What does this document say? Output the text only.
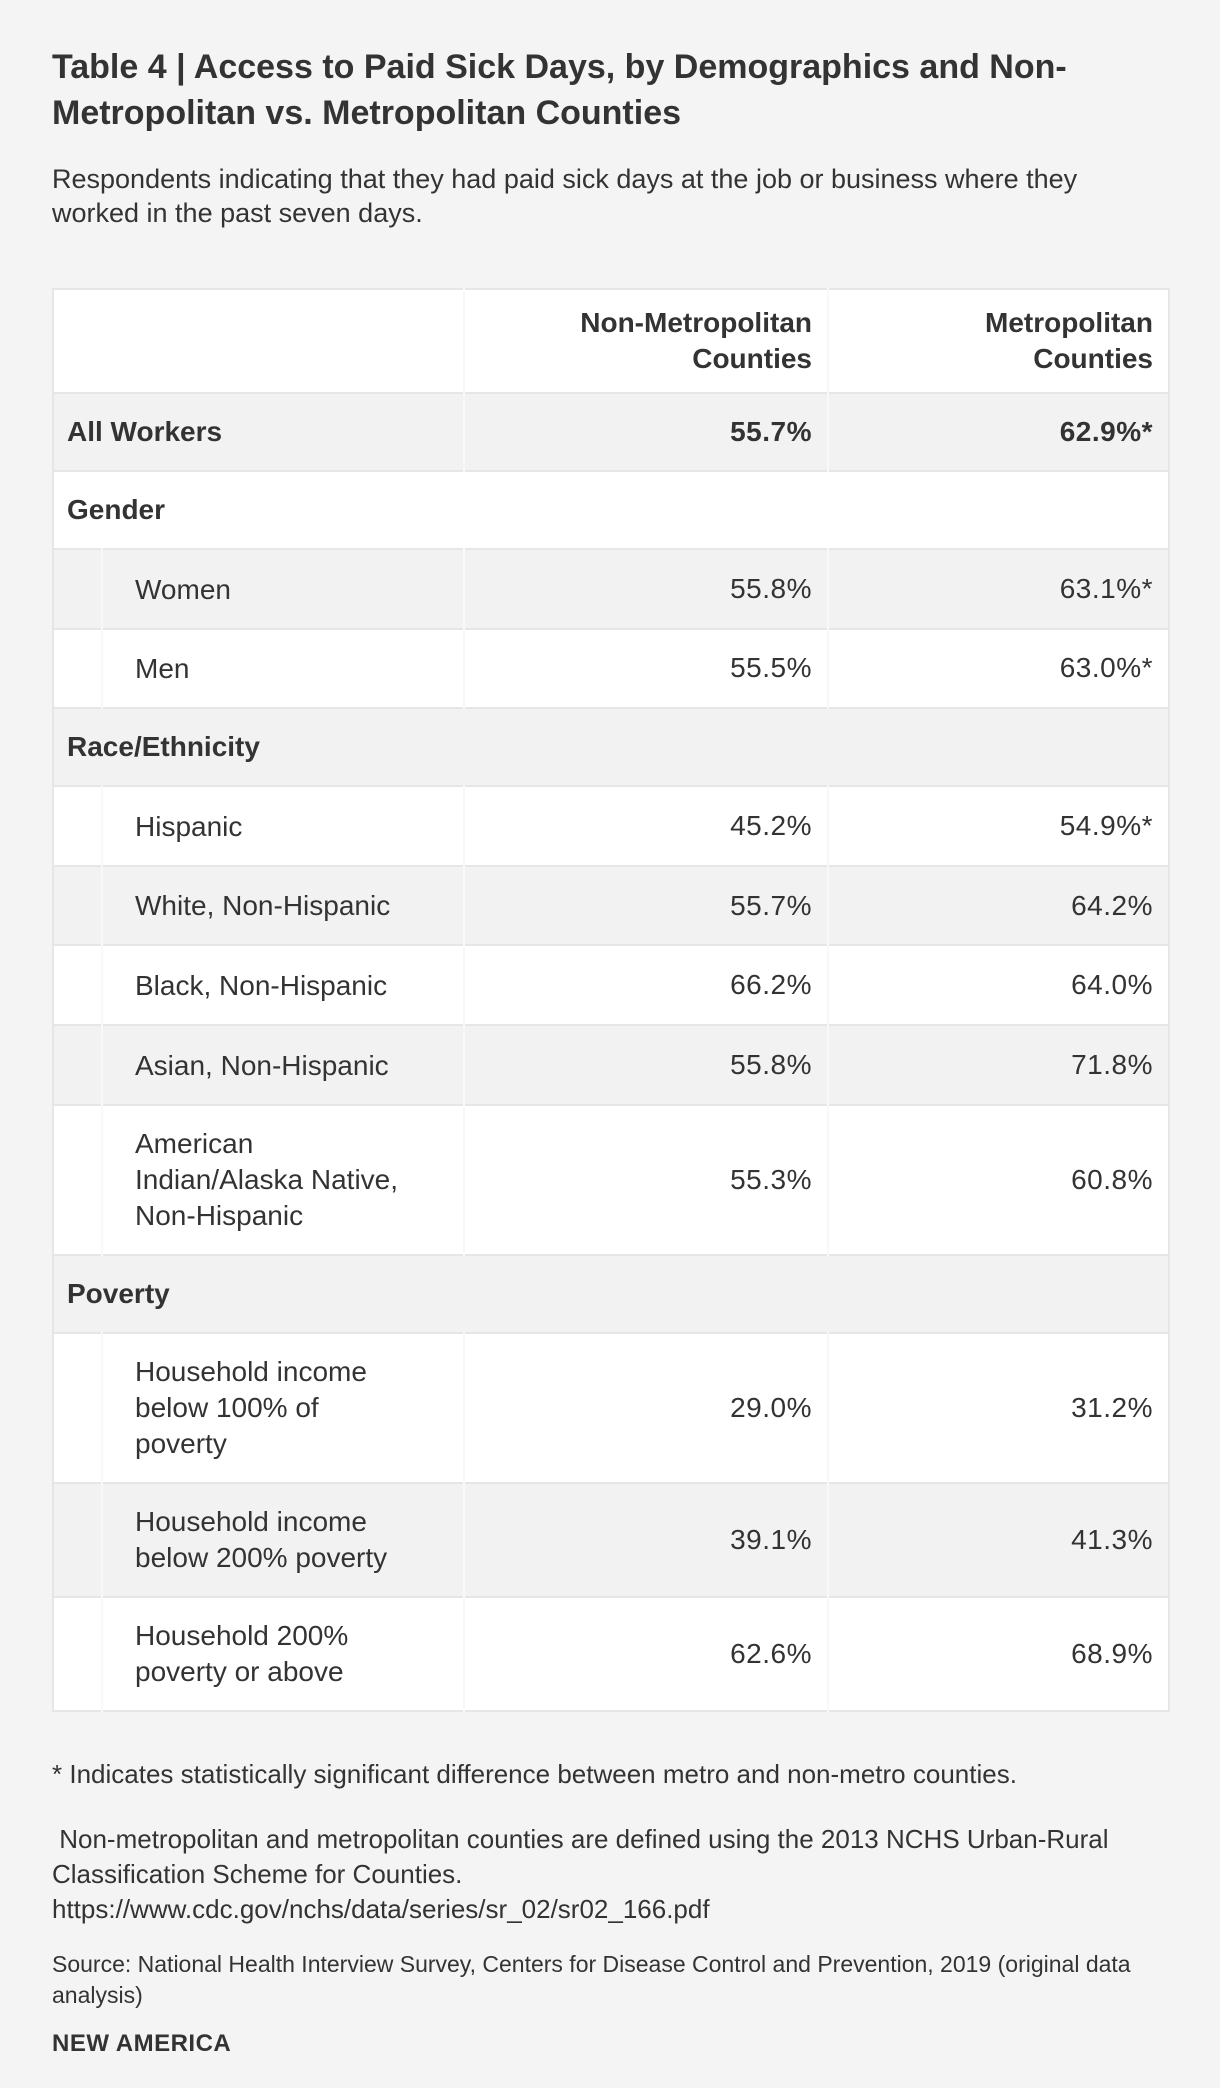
Table 4 | Access to Paid Sick Days, by Demographics and Non-Metropolitan vs. Metropolitan Counties

Respondents indicating that they had paid sick days at the job or business where they worked in the past seven days.

		Non-Metropolitan Counties	Metropolitan Counties
All Workers		55.7%	62.9%*
Gender			
	Women	55.8%	63.1%*
	Men	55.5%	63.0%*
Race/Ethnicity			
	Hispanic	45.2%	54.9%*
	White, Non-Hispanic	55.7%	64.2%
	Black, Non-Hispanic	66.2%	64.0%
	Asian, Non-Hispanic	55.8%	71.8%
	American Indian/Alaska Native, Non-Hispanic	55.3%	60.8%
Poverty			
	Household income below 100% of poverty	29.0%	31.2%
	Household income below 200% poverty	39.1%	41.3%
	Household 200% poverty or above	62.6%	68.9%

* Indicates statistically significant difference between metro and non-metro counties.

Non-metropolitan and metropolitan counties are defined using the 2013 NCHS Urban-Rural Classification Scheme for Counties.

https://www.cdc.gov/nchs/data/series/sr_02/sr02_166.pdf

Source: National Health Interview Survey, Centers for Disease Control and Prevention, 2019 (original data analysis)

NEW AMERICA
